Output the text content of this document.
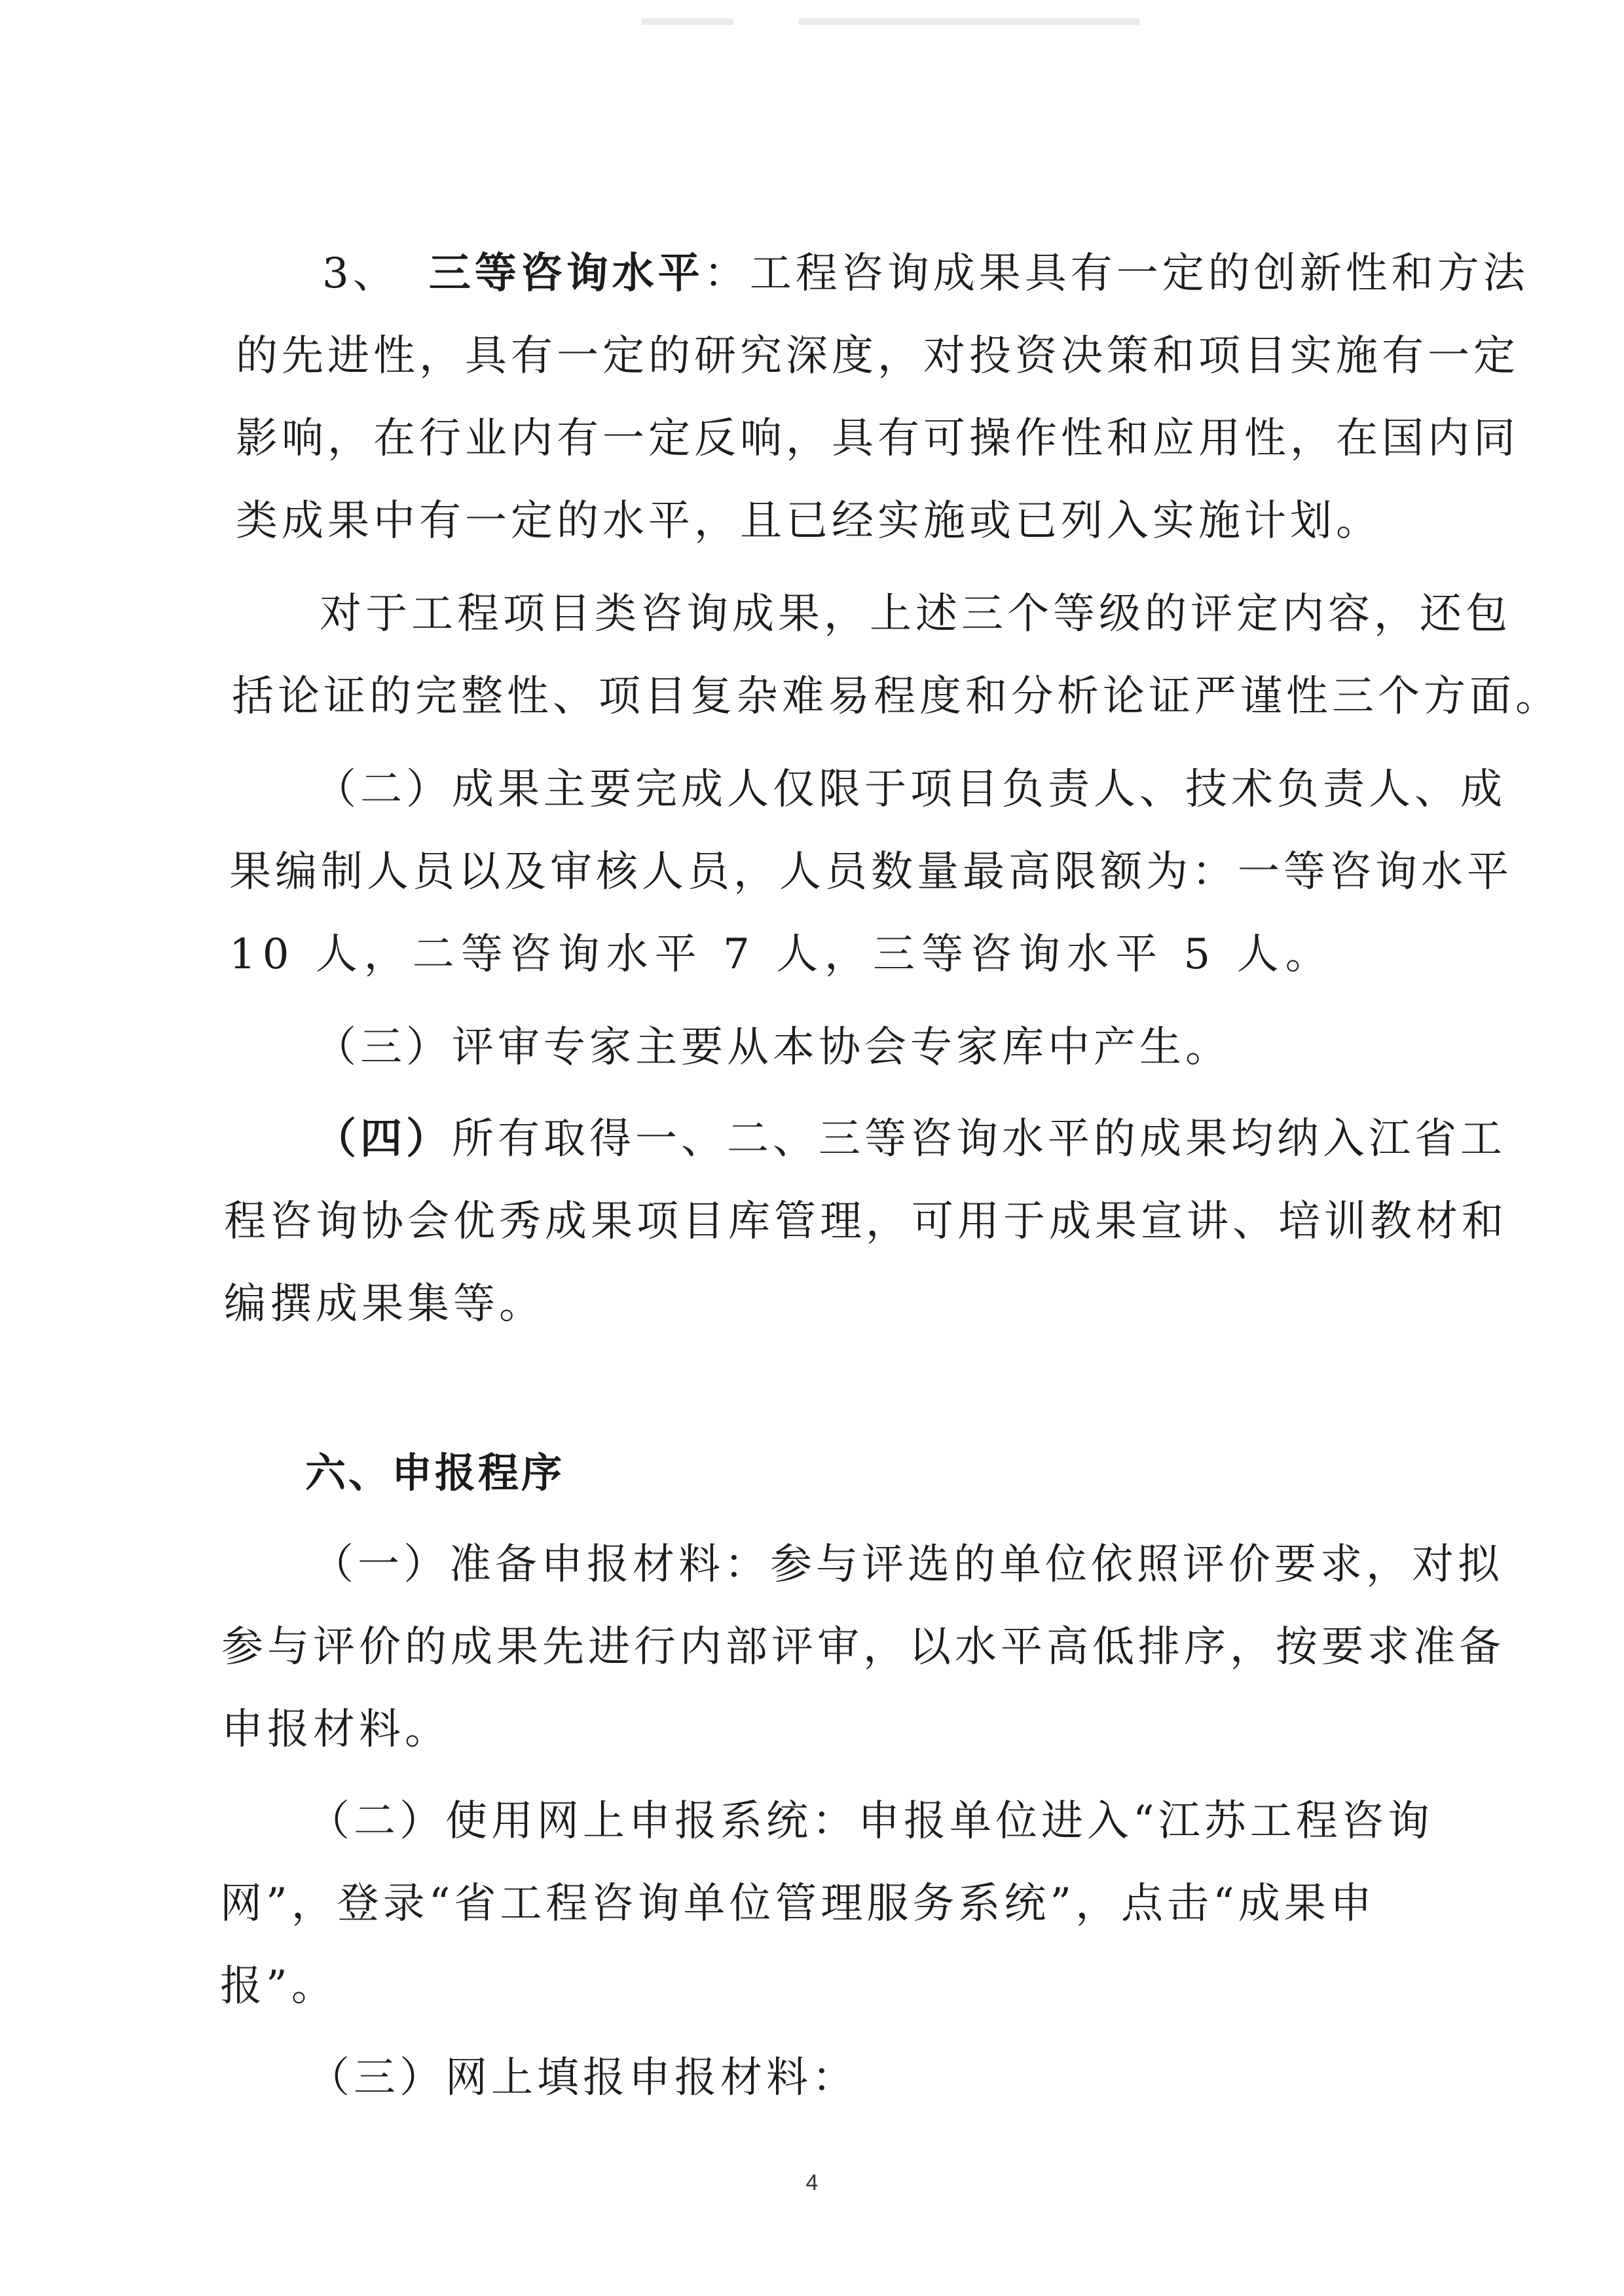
3、 三等咨询水平：工程咨询成果具有一定的创新性和方法
的先进性，具有一定的研究深度，对投资决策和项目实施有一定
影响，在行业内有一定反响，具有可操作性和应用性，在国内同
类成果中有一定的水平，且已经实施或已列入实施计划。
对于工程项目类咨询成果，上述三个等级的评定内容，还包
括论证的完整性、项目复杂难易程度和分析论证严谨性三个方面。
（二）成果主要完成人仅限于项目负责人、技术负责人、成
果编制人员以及审核人员，人员数量最高限额为：一等咨询水平
10 人，二等咨询水平 7 人，三等咨询水平 5 人。
（三）评审专家主要从本协会专家库中产生。
（四）所有取得一、二、三等咨询水平的成果均纳入江省工
程咨询协会优秀成果项目库管理，可用于成果宣讲、培训教材和
编撰成果集等。
六、申报程序
（一）准备申报材料：参与评选的单位依照评价要求，对拟
参与评价的成果先进行内部评审，以水平高低排序，按要求准备
申报材料。
（二）使用网上申报系统：申报单位进入“江苏工程咨询
网”，登录“省工程咨询单位管理服务系统”，点击“成果申
报”。
（三）网上填报申报材料：
4
